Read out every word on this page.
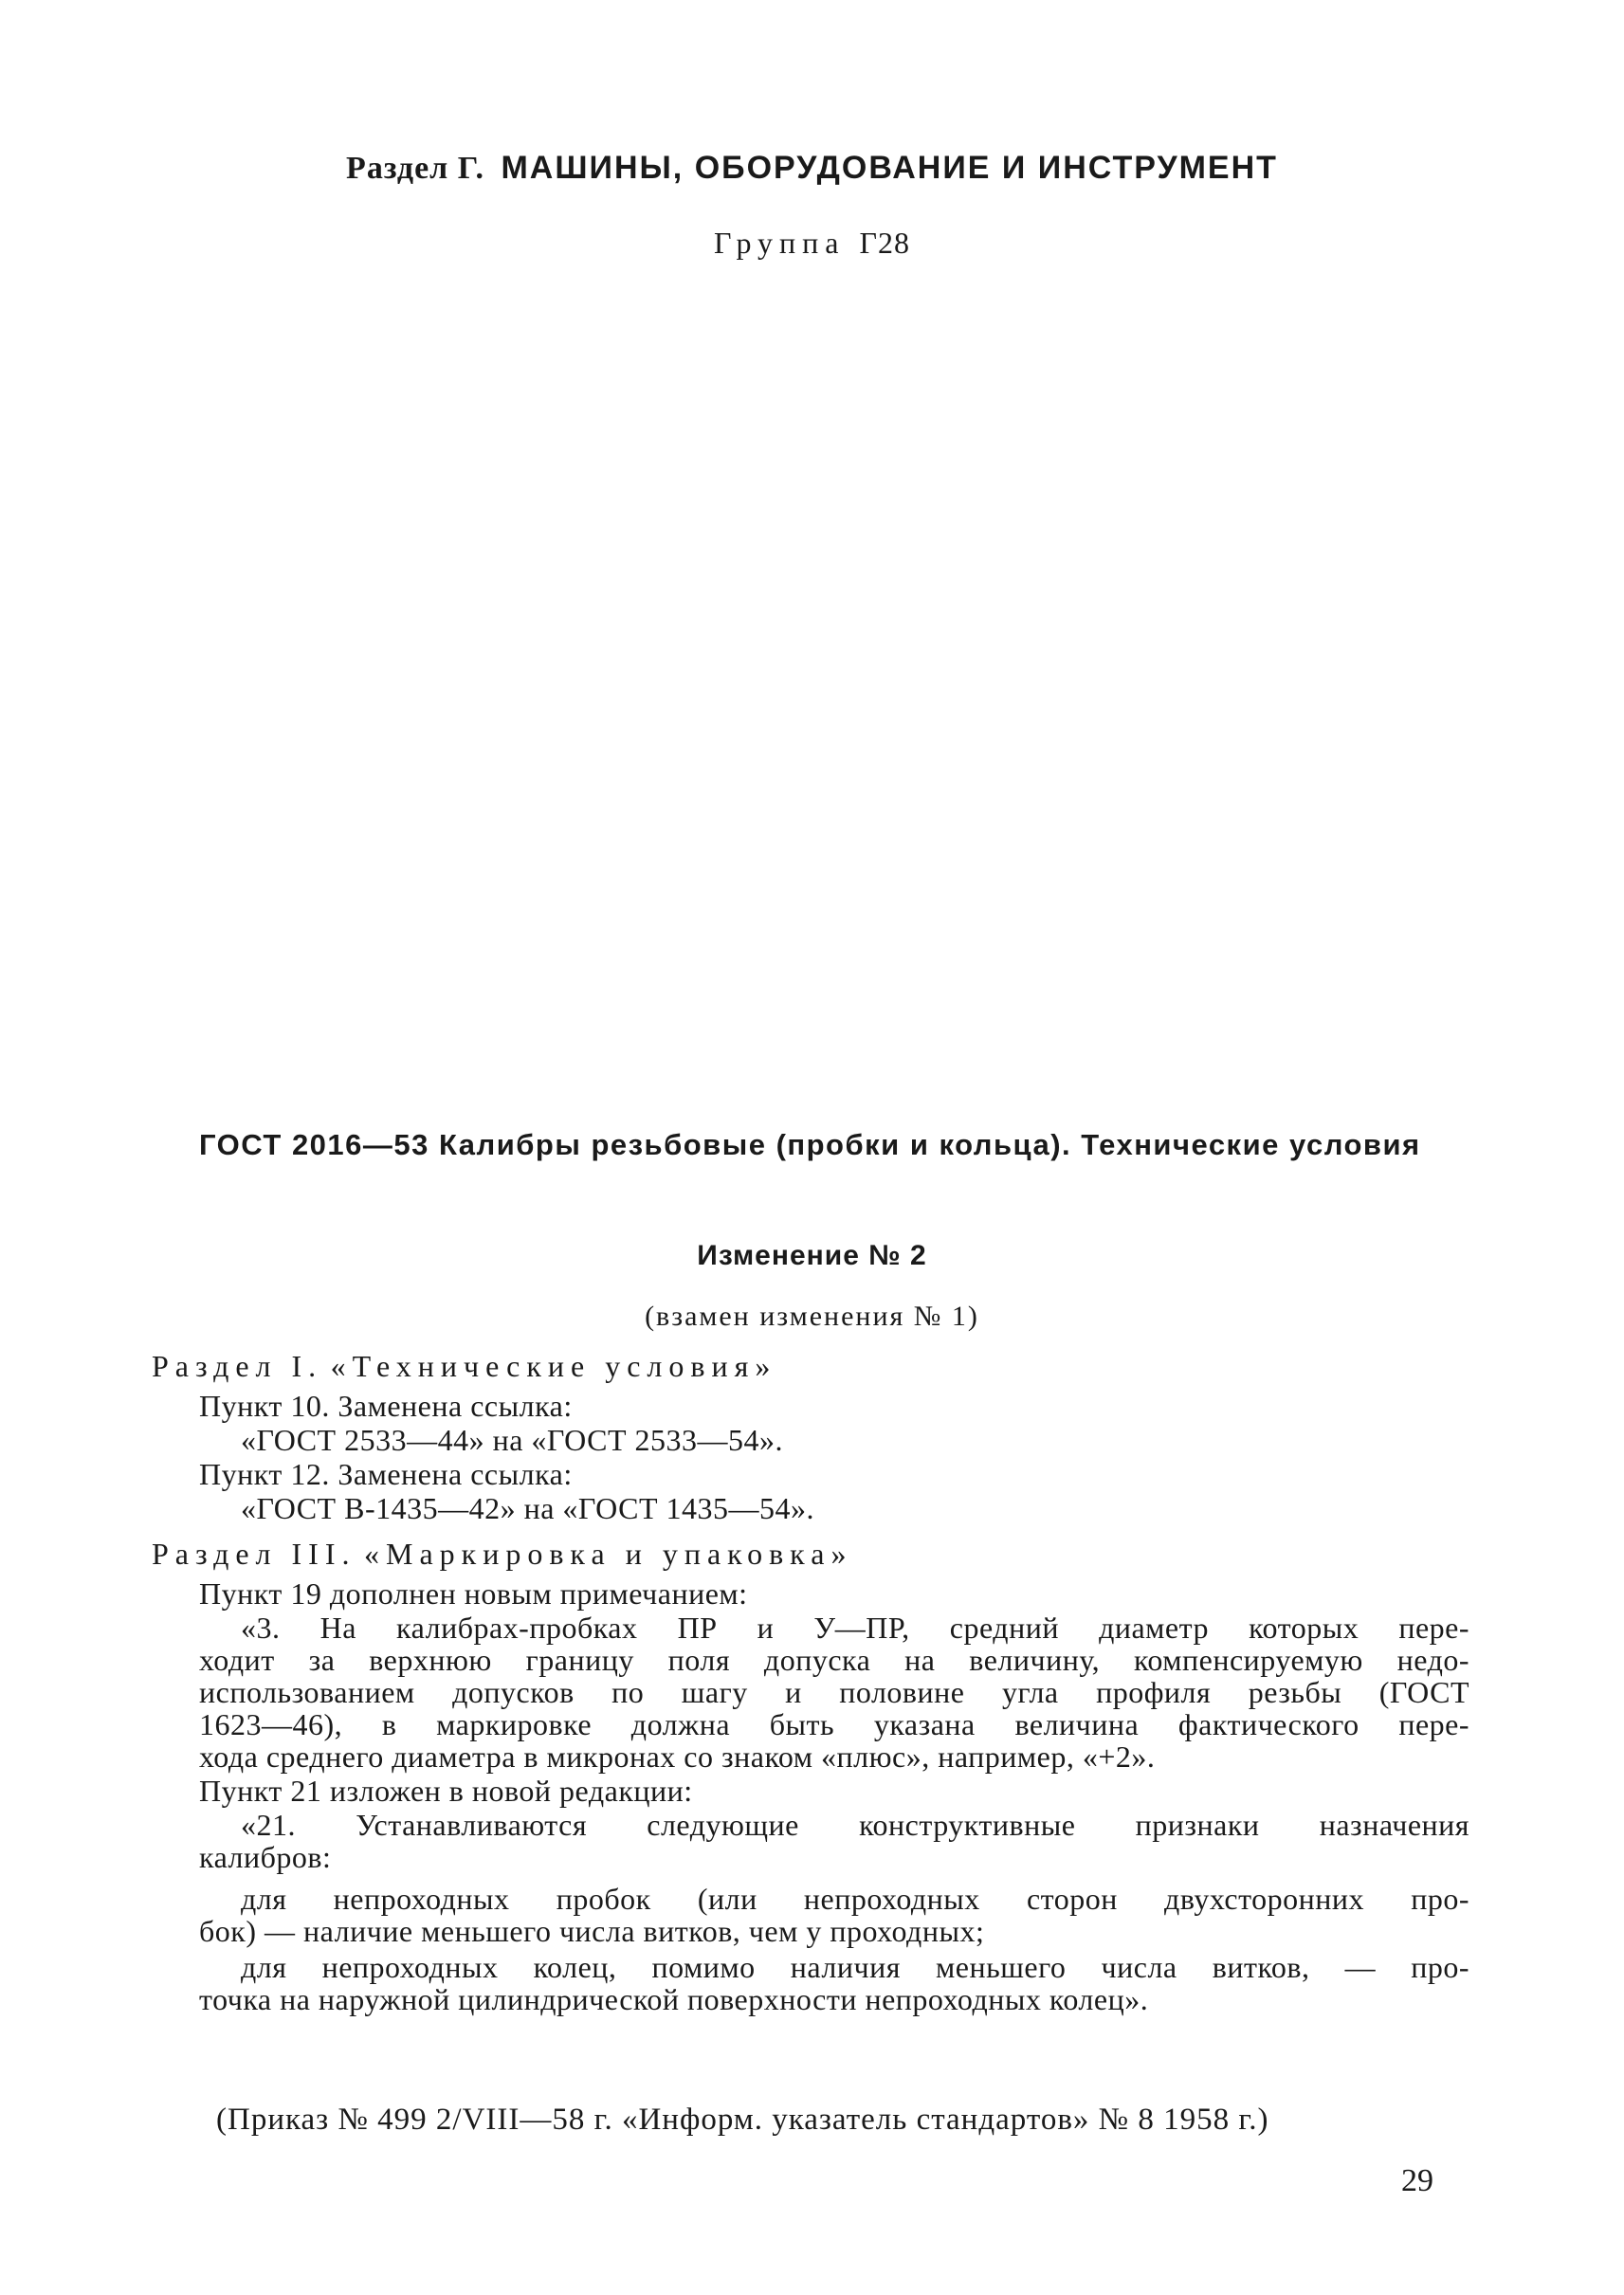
Раздел Г. МАШИНЫ, ОБОРУДОВАНИЕ И ИНСТРУМЕНТ
Группа Г28
ГОСТ 2016—53 Калибры резьбовые (пробки и кольца). Технические условия
Изменение № 2
(взамен изменения № 1)
Раздел I. «Технические условия»
Пункт 10. Заменена ссылка:
«ГОСТ 2533—44» на «ГОСТ 2533—54».
Пункт 12. Заменена ссылка:
«ГОСТ В-1435—42» на «ГОСТ 1435—54».
Раздел III. «Маркировка и упаковка»
Пункт 19 дополнен новым примечанием:
«3. На калибрах-пробках ПР и У—ПР, средний диаметр которых пере-
ходит за верхнюю границу поля допуска на величину, компенсируемую недо-
использованием допусков по шагу и половине угла профиля резьбы (ГОСТ
1623—46), в маркировке должна быть указана величина фактического пере-
хода среднего диаметра в микронах со знаком «плюс», например, «+2».
Пункт 21 изложен в новой редакции:
«21. Устанавливаются следующие конструктивные признаки назначения
калибров:
для непроходных пробок (или непроходных сторон двухсторонних про-
бок) — наличие меньшего числа витков, чем у проходных;
для непроходных колец, помимо наличия меньшего числа витков, — про-
точка на наружной цилиндрической поверхности непроходных колец».
(Приказ № 499 2/VIII—58 г. «Информ. указатель стандартов» № 8 1958 г.)
29
